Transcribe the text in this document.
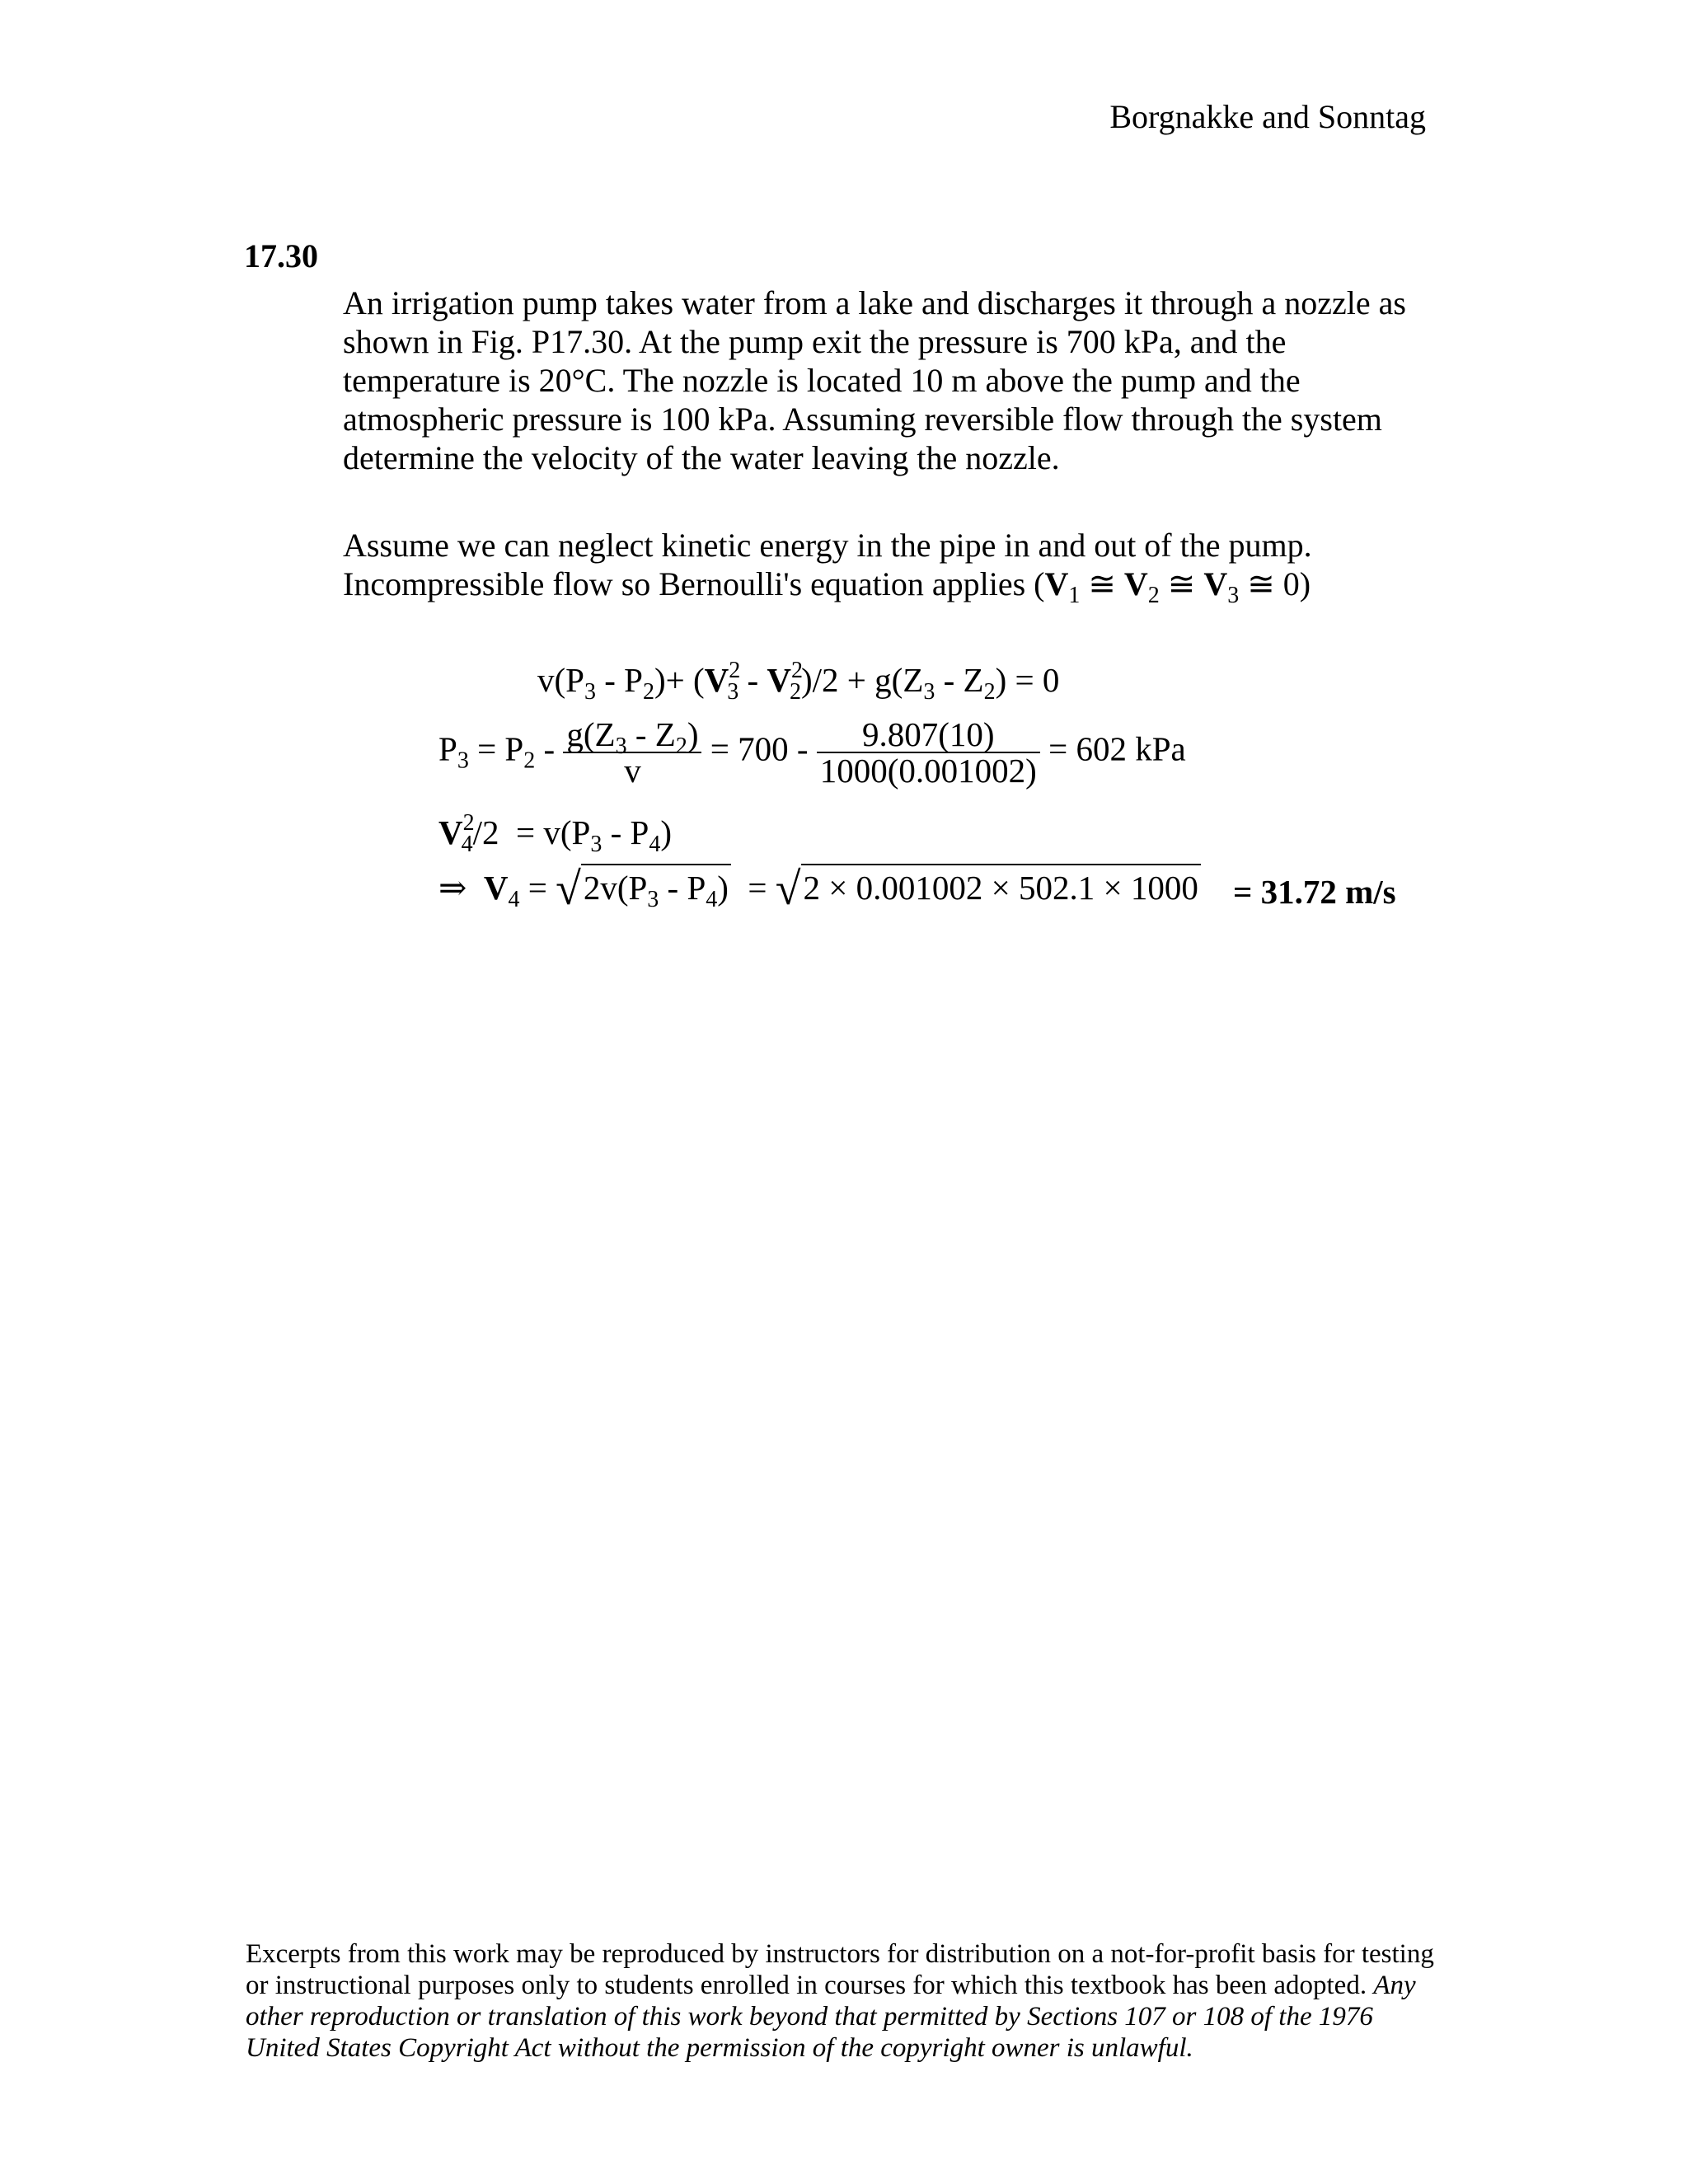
Borgnakke and Sonntag
17.30
An irrigation pump takes water from a lake and discharges it through a nozzle as
shown in Fig. P17.30. At the pump exit the pressure is 700 kPa, and the
temperature is 20°C. The nozzle is located 10 m above the pump and the
atmospheric pressure is 100 kPa. Assuming reversible flow through the system
determine the velocity of the water leaving the nozzle.
Assume we can neglect kinetic energy in the pipe in and out of the pump.
Incompressible flow so Bernoulli's equation applies ($V_1$ ≅ $V_2$ ≅ $V_3$ ≅ 0)
$v(P_3 - P_2)+ (V^2_3 - V^2_2)/2 + g(Z_3 - Z_2) = 0$
$P_3 = P_2 - \frac{g(Z_3 - Z_2)}{v} = 700 - \frac{9.807(10)}{1000(0.001002)} = 602$ kPa
$V^2_4/2 = v(P_3 - P_4)$
⇒  $V_4 = √2v(P_3 - P_4) = √2 \times 0.001002 \times 502.1 \times 1000 = 31.72$ m/s
Excerpts from this work may be reproduced by instructors for distribution on a not-for-profit basis for testing or instructional purposes only to students enrolled in courses for which this textbook has been adopted. Any other reproduction or translation of this work beyond that permitted by Sections 107 or 108 of the 1976 United States Copyright Act without the permission of the copyright owner is unlawful.
